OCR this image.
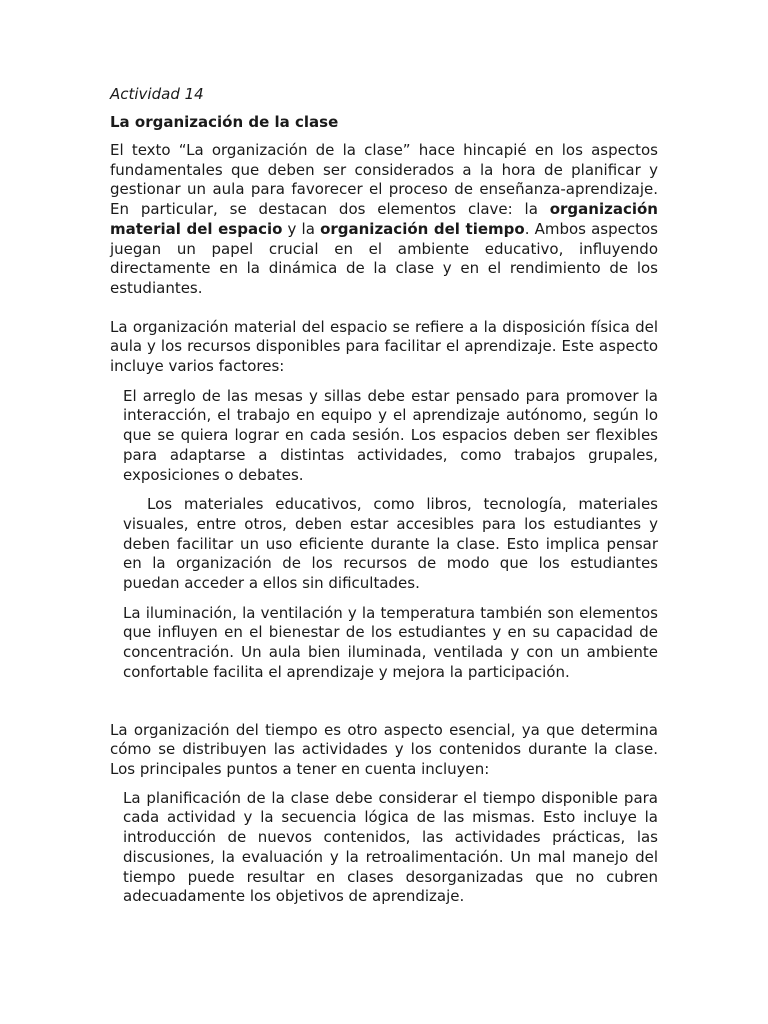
Actividad 14
La organización de la clase

El texto “La organización de la clase” hace hincapié en los aspectos fundamentales que deben ser considerados a la hora de planificar y gestionar un aula para favorecer el proceso de enseñanza-aprendizaje. En particular, se destacan dos elementos clave: la organización material del espacio y la organización del tiempo. Ambos aspectos juegan un papel crucial en el ambiente educativo, influyendo directamente en la dinámica de la clase y en el rendimiento de los estudiantes.

La organización material del espacio se refiere a la disposición física del aula y los recursos disponibles para facilitar el aprendizaje. Este aspecto incluye varios factores:

El arreglo de las mesas y sillas debe estar pensado para promover la interacción, el trabajo en equipo y el aprendizaje autónomo, según lo que se quiera lograr en cada sesión. Los espacios deben ser flexibles para adaptarse a distintas actividades, como trabajos grupales, exposiciones o debates.

Los materiales educativos, como libros, tecnología, materiales visuales, entre otros, deben estar accesibles para los estudiantes y deben facilitar un uso eficiente durante la clase. Esto implica pensar en la organización de los recursos de modo que los estudiantes puedan acceder a ellos sin dificultades.

La iluminación, la ventilación y la temperatura también son elementos que influyen en el bienestar de los estudiantes y en su capacidad de concentración. Un aula bien iluminada, ventilada y con un ambiente confortable facilita el aprendizaje y mejora la participación.

La organización del tiempo es otro aspecto esencial, ya que determina cómo se distribuyen las actividades y los contenidos durante la clase. Los principales puntos a tener en cuenta incluyen:

La planificación de la clase debe considerar el tiempo disponible para cada actividad y la secuencia lógica de las mismas. Esto incluye la introducción de nuevos contenidos, las actividades prácticas, las discusiones, la evaluación y la retroalimentación. Un mal manejo del tiempo puede resultar en clases desorganizadas que no cubren adecuadamente los objetivos de aprendizaje.
